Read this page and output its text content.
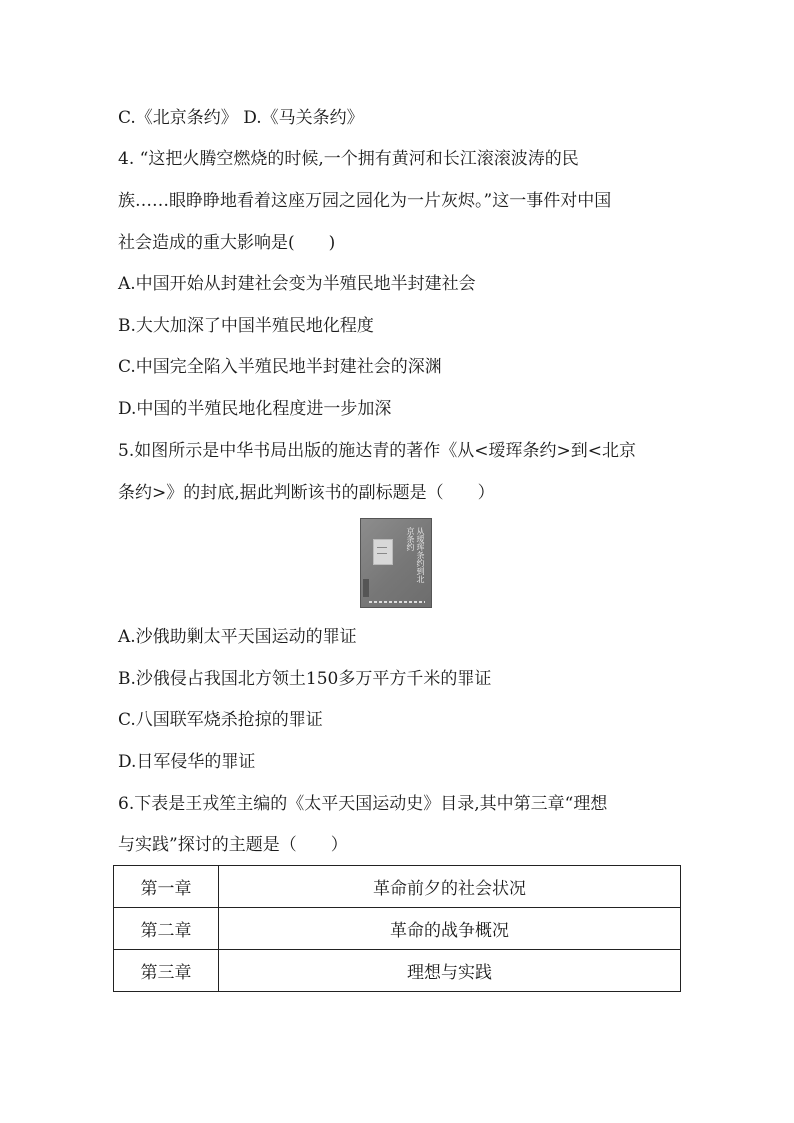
C.《北京条约》 D.《马关条约》
4. “这把火腾空燃烧的时候,一个拥有黄河和长江滚滚波涛的民
族……眼睁睁地看着这座万园之园化为一片灰烬。”这一事件对中国
社会造成的重大影响是(　　)
A.中国开始从封建社会变为半殖民地半封建社会
B.大大加深了中国半殖民地化程度
C.中国完全陷入半殖民地半封建社会的深渊
D.中国的半殖民地化程度进一步加深
5.如图所示是中华书局出版的施达青的著作《从<瑷珲条约>到<北京
条约>》的封底,据此判断该书的副标题是（　　）
从瑷珲条约到北京条约
A.沙俄助剿太平天国运动的罪证
B.沙俄侵占我国北方领土150多万平方千米的罪证
C.八国联军烧杀抢掠的罪证
D.日军侵华的罪证
6.下表是王戎笙主编的《太平天国运动史》目录,其中第三章“理想
与实践”探讨的主题是（　　）
第一章	革命前夕的社会状况
第二章	革命的战争概况
第三章	理想与实践
